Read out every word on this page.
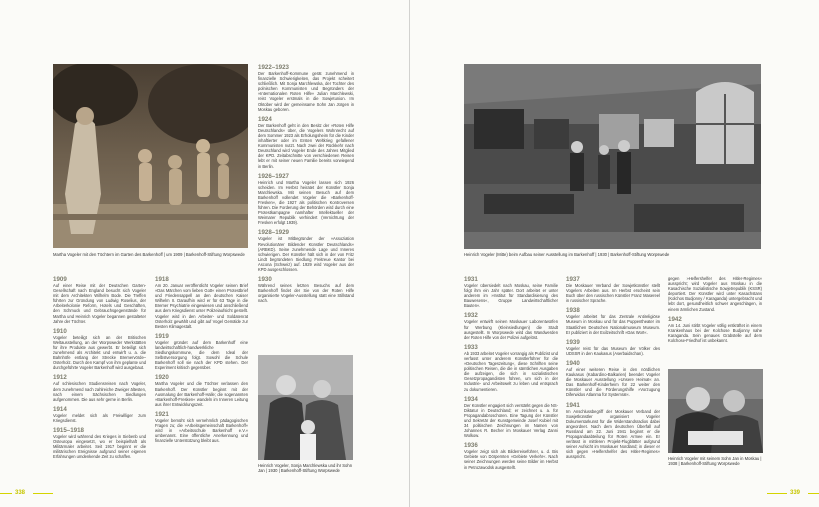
Martha Vogeler mit den Töchtern im Garten des Barkenhoff | um 1909 | Barkenhoff-Stiftung Worpswede
1922–1923
Der Barkenhoff-Kommune gerät zunehmend in finanzielle Schwierigkeiten, das Projekt scheitert schließlich. Mit Sonja Marchlewska, der Tochter des polnischen Kommunisten und Begründers der »Internationalen Roten Hilfe« Julian Marchlewski, reist Vogeler erstmals in die Sowjetunion. Im Oktober wird der gemeinsame Sohn Jan Jürgen in Moskau geboren.
1924
Der Barkenhoff geht in den Besitz der »Roten Hilfe Deutschlands« über, die Vogelers Wohnrecht auf dem Sommer 1923 als Erholungsheim für die Kinder inhaftierter oder im Ersten Weltkrieg gefallener Kommunisten nutzt. Nach zwei der Rückkehr nach Deutschland wird Vogeler Ende des Jahres Mitglied der KPD. Zeitabschnitte von verschiedenen Reisen lebt er mit seiner neuen Familie bereits vorwiegend in Berlin.
1926–1927
Heinrich und Martha Vogeler lassen sich 1926 scheiden. Im Herbst heiratet der Künstler Sonja Marchlewska. Mit seinen Besuch auf dem Barkenhoff vollendet Vogeler die »Barkenhoff-Fresken«, die 1927 als politischen Kontroversen führen. Die Forderung der Behörden wird durch eine Protestkampagne namhafter Intellektueller der Weimarer Republik verhindert (Vernichtung der Fresken erfolgt 1939).
1928–1929
Vogeler ist Mitbegründer der »Assoziation Revolutionärer Bildender Künstler Deutschlands« (ARBKD). Seine zunehmende Lage und Inneres schwierigen. Der Künstler hält sich in der von Fritz Lindt begründeten Siedlung Freitreue Kantor bei Ascona (Schweiz) auf. 1929 wird Vogeler aus der KPD ausgeschlossen.
1930
Während seines letzten Besuchs auf dem Barkenhoff findet der Sie von der Roten Hilfe organisierte Vogeler-Ausstellung statt eine Stillstand nach.
1909
Auf einer Reise mit der Deutschen Garten-Gesellschaft nach England besucht sich Vogeler mit dem Architekten Wilhelm Bode. Die Treffen führten zur Gründung von Ludwig Roselius, der Arbeiterkolonie Reform, Hotels und Geschäften, den Schmuck und Gebrauchsgegenstände für Martha und Heinrich Vogeler begannen gestalteter Jahre der Töchter.
1910
Vogeler beteiligt sich an der Britischen Weltausstellung, an der Worpsweder Werkstätten für ihre Produkte aus gewerbt. Er beteiligt sich zunehmend als Architekt und entwirft u. a. die Bahnhöfe entlang der Strecke Bremervörde–Osterholz. Durch den Kampf von ihm geplante und durchgeführte Vogeler Barkenhoff wird ausgebaut.
1912
Auf schlesischen Studiensreisen nach Vogeler, dem zunehmend nach zahlreiche Zweiger ältesten, nach einem Sächsischen Siedlungen aufgenommen. Die aus sehr gerne in Berlin.
1914
Vogeler meldet sich als Freiwilliger zum Kriegsdienst.
1915–1918
Vogeler wird während des Krieges in Siebenb und Osteuropa eingesetzt, wo er beispielhaft als Militärmaler arbeitet. Seit 1917 beginnt er die militärischen Ereignisse aufgrund seiner eigenen Erfahrungen umdenkende Zeit zu schaffen.
1918
Am 20. Januar veröffentlicht Vogeler seinen Brief »Das Märchen vom lieben Gott« einen Protestbrief und Friedensappell an den deutschen Kaiser Wilhelm II. Daraufhin wird er für 63 Tage in die Bremer Psychiatrie eingewiesen und anschließend aus dem Kriegsdienst unter Polizeiaufsicht gestellt. Vogeler wird in den Arbeiter- und Soldatenrat Osterholz gewählt und gibt auf Vogel Gemälde zur Besten Klimagestalt.
1919
Vogeler gründet auf dem Barkenhoff eine landwirtschaftlich-handwerkliche Siedlungskommune, die dem Ideal der Selbstversorgung folgt. Sowohl die Schule Barkenhoff soll sie nach der KPD stehen. Der Experiment kritisch gegenüber.
1920
Martha Vogeler und die Töchter verlassen den Barkenhoff. Der Künstler beginnt mit der Ausmalung der Barkenhoff-Halle; die sogenannten »Barkenhoff-Fresken« wandeln im Inneren Leitung aus ihrer Entwicklungszeit.
1921
Vogeler bemüht sich vernehmlich pädagogischen Fragen zu; die »Arbeitsgemeinschaft Barkenhoff« wird in »Arbeitsschule Barkenhoff e.V.« umbenannt. Eine öffentliche Anerkennung und finanzielle Unterstützung bleibt aus.
Heinrich Vogeler, Sonja Marchlewska und ihr Sohn Jan | 1930 | Barkenhoff-Stiftung Worpswede
338
Heinrich Vogeler (Mitte) beim Aufbau seiner Ausstellung im Barkenhoff | 1930 | Barkenhoff-Stiftung Worpswede
1931
Vogeler übersiedelt nach Moskau, seine Familie folgt ihm ein Jahr später. Dort arbeitet er unter anderem im »Institut für Standardisierung des Bauwesens«, Gruppe Landwirtschaftlicher Bauten«.
1932
Vogeler entwirft seinen Moskauer Laborentwürfen für Werbung (Kleinsiedlungen) die Stadt ausgestellt. In Worpswede wird das Wandwerden der Roten Hilfe von der Polizei aufgelöst.
1933
Ab 1933 arbeitet Vogeler vorrangig als Publizist und verfasst unter anderem Künstlerführer für die »Deutschen Tageszeitung«, diese Schriften seine politischen Reisen, die die in sämtlichen Ausgaben die aufzeigen, die sich in sozialistischen Gesetzpropagandisten führen, um sich in der Industrie- und Arbeitswelt zu leben und entsprach zu dokumentieren.
1934
Der Künstler engagiert sich verstärkt gegen die NS-Diktatur in Deutschland; er zeichnet u. a. für Propagandabroschüren. Eine Tagung der Künstler und Sekretär der Kunstgemeinde Josef Kubiel mit 34 politischen Zeichnungen im Namen von Johannes R. Becher im Moskauer Verlag Zanni Wolkow.
1936
Vogeler zeigt sich als Bilderreiseführer, u. d. Bis Gebiete von Dörpernten »Gebiete Verkehr«. Nach seiner Zeichnungen werden seine Bilder im Herbst in Petrozawodsk ausgestellt.
1937
Die Moskauer Verband der Sowjetkünstler stellt Vogelers Arbeiten aus. Im Herbst erscheint sein Buch über den russischen Künstler Franz Masereel in russischer Sprache.
1938
Vogeler arbeitet für das Zentrale Antireligiöse Museum in Moskau und für das Puppentheater im Staatlichen Deutschen Nationalmuseum Museum. Er publiziert in der Exilzeitschrift »Das Wort«.
1939
Vogeler reist für das Museum der Völker des UDSSR in den Kaukasus (Aserbaidschan).
1940
Auf einer weiteren Reise in den nördlichen Kaukasus (Kabardino-Balkarien) beendet Vogeler die Moskauer Ausstellung »Unsere Heimat« an. Das Barkenhoff-Kinderheim für 22 weiter den Künstler und die Förderungshilfe »Vorzugung Diferwidos Atlanma für Systemrat«.
1941
Im Anschlussbegriff der Moskauer Verband der Sowjetkünstler organisiert Vogeler Dokumentarkunst für die Widerstandsradios dabei angeordnet. Nach dem deutschen Überfall auf Russland am 22. Juni 1941 beginnt er die Propagandaabteilung für Roten Armee ein. Er verlässt in mittleren Projekt-Flugblätter aufgrund seiner Aufsicht im Moskauer Nordland; in dieser er sich gegen »Helfershelfer des Hitler-Regimes« ausspricht.
gegen »Helfershelfer des Hitler-Regimes« ausspricht; wird Vogeler aus Moskau in die Kasachische Sozialistische Sowjetrepublik (KSSR) deportiert. Der Künstler wird unter Kasachstans (Kolchos Budjonny / Karaganda) untergebracht und lebt dort, gesundheitlich schwer angeschlagen, in einem ärmlichen Zustand.
1942
Am 14. Juni stirbt Vogeler völlig entkräftet in einem Krankenhaus bei der Kolchose Budjonny nahe Karaganda. Sein genaues Grabstelle auf dem Kolchose-Friedhof ist unbekannt.
Heinrich Vogeler mit seinem Sohn Jan in Moskau | 1938 | Barkenhoff-Stiftung Worpswede
339
